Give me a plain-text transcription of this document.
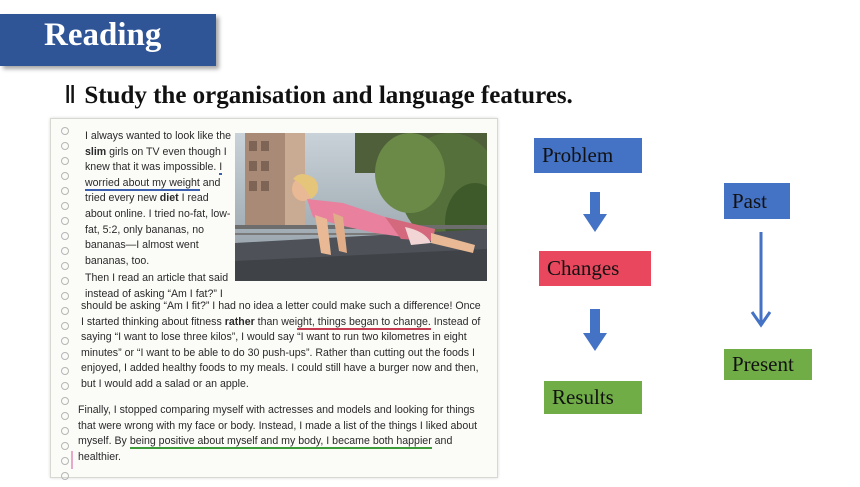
Reading
Ⅱ Study the organisation and language features.

I always wanted to look like the slim girls on TV even though I knew that it was impossible. I worried about my weight and tried every new diet I read about online. I tried no-fat, low-fat, 5:2, only bananas, no bananas—I almost went bananas, too.

Then I read an article that said instead of asking “Am I fat?” I

should be asking “Am I fit?” I had no idea a letter could make such a difference! Once I started thinking about fitness rather than weight, things began to change. Instead of saying “I want to lose three kilos”, I would say “I want to run two kilometres in eight minutes” or “I want to be able to do 30 push-ups”. Rather than cutting out the foods I enjoyed, I added healthy foods to my meals. I could still have a burger now and then, but I would add a salad or an apple.

Finally, I stopped comparing myself with actresses and models and looking for things that were wrong with my face or body. Instead, I made a list of the things I liked about myself. By being positive about myself and my body, I became both happier and healthier.

Problem
Changes
Results
Past
Present
